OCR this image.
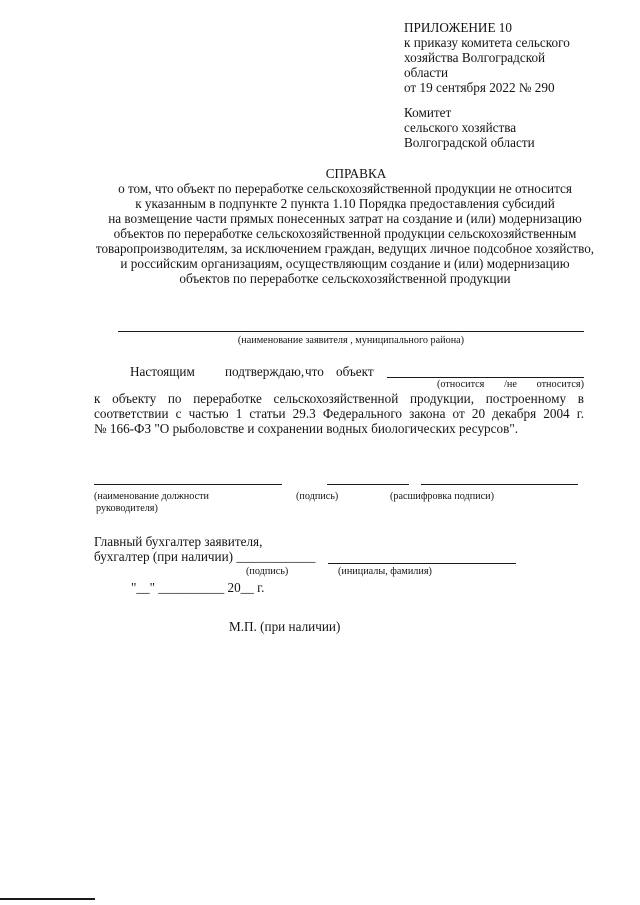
ПРИЛОЖЕНИЕ 10
к приказу комитета сельского
хозяйства Волгоградской
области
от 19 сентября 2022 № 290
Комитет
сельского хозяйства
Волгоградской области
СПРАВКА
о том, что объект по переработке сельскохозяйственной продукции не относится
к указанным в подпункте 2 пункта 1.10 Порядка предоставления субсидий
на возмещение части прямых понесенных затрат на создание и (или) модернизацию
объектов по переработке сельскохозяйственной продукции сельскохозяйственным
товаропроизводителям, за исключением граждан, ведущих личное подсобное хозяйство,
и российским организациям, осуществляющим создание и (или) модернизацию
объектов по переработке сельскохозяйственной продукции
(наименование заявителя , муниципального района)
Настоящим подтверждаю, что объект
(относится /не относится)
к объекту по переработке сельскохозяйственной продукции, построенному в
соответствии с частью 1 статьи 29.3 Федерального закона от 20 декабря 2004 г.
№ 166-ФЗ "О рыболовстве и сохранении водных биологических ресурсов".
(наименование должности
руководителя)
(подпись)	(расшифровка подписи)
Главный бухгалтер заявителя,
бухгалтер (при наличии) ____________
(подпись)	(инициалы, фамилия)
"__" __________ 20__ г.
М.П. (при наличии)
